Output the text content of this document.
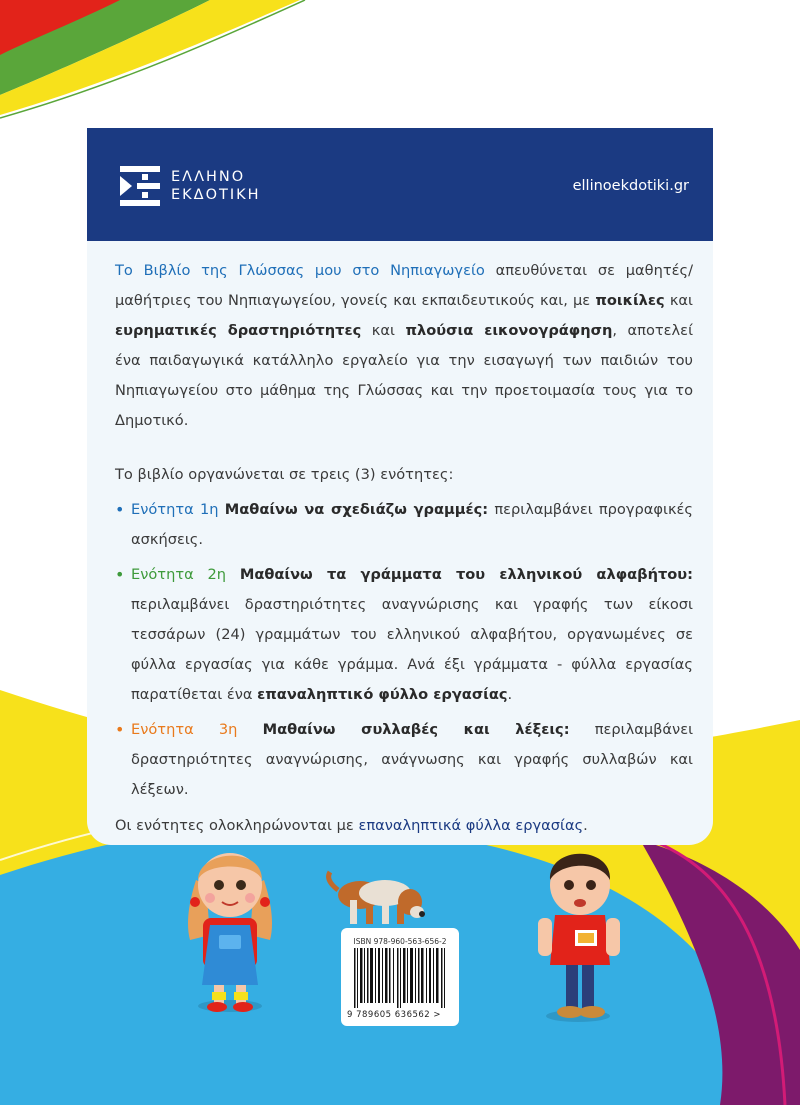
ΕΛΛΗΝΟ
ΕΚΔΟΤΙΚΗ
ellinoekdotiki.gr

Το Βιβλίο της Γλώσσας μου στο Νηπιαγωγείο απευθύνεται σε μαθητές/μαθήτριες του Νηπιαγωγείου, γονείς και εκπαιδευτικούς και, με ποικίλες και ευρηματικές δραστηριότητες και πλούσια εικονογράφηση, αποτελεί ένα παιδαγωγικά κατάλληλο εργαλείο για την εισαγωγή των παιδιών του Νηπιαγωγείου στο μάθημα της Γλώσσας και την προετοιμασία τους για το Δημοτικό.

Το βιβλίο οργανώνεται σε τρεις (3) ενότητες:

• Ενότητα 1η Μαθαίνω να σχεδιάζω γραμμές: περιλαμβάνει προγραφικές ασκήσεις.
• Ενότητα 2η Μαθαίνω τα γράμματα του ελληνικού αλφαβήτου: περιλαμβάνει δραστηριότητες αναγνώρισης και γραφής των είκοσι τεσσάρων (24) γραμμάτων του ελληνικού αλφαβήτου, οργανωμένες σε φύλλα εργασίας για κάθε γράμμα. Ανά έξι γράμματα - φύλλα εργασίας παρατίθεται ένα επαναληπτικό φύλλο εργασίας.
• Ενότητα 3η Μαθαίνω συλλαβές και λέξεις: περιλαμβάνει δραστηριότητες αναγνώρισης, ανάγνωσης και γραφής συλλαβών και λέξεων.

Οι ενότητες ολοκληρώνονται με επαναληπτικά φύλλα εργασίας.

ISBN 978-960-563-656-2
9 789605 636562 >
